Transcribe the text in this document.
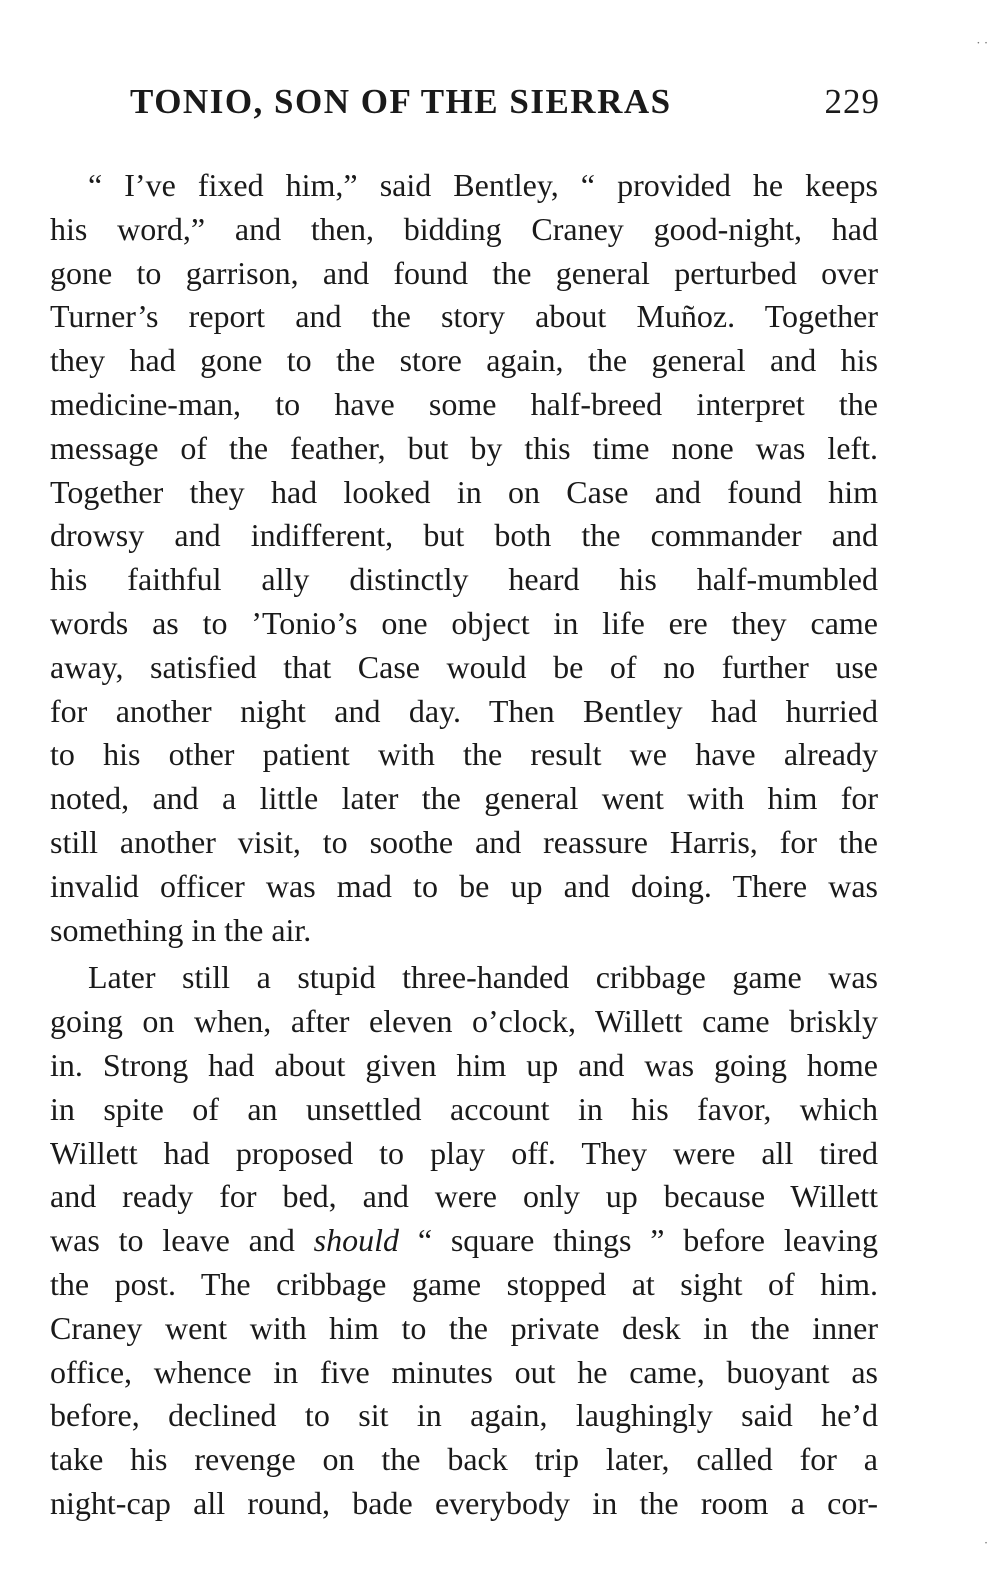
TONIO, SON OF THE SIERRAS	229
“ I’ve fixed him,” said Bentley, “ provided he keeps
his word,” and then, bidding Craney good-night, had
gone to garrison, and found the general perturbed over
Turner’s report and the story about Muñoz. Together
they had gone to the store again, the general and his
medicine-man, to have some half-breed interpret the
message of the feather, but by this time none was left.
Together they had looked in on Case and found him
drowsy and indifferent, but both the commander and
his faithful ally distinctly heard his half-mumbled
words as to ’Tonio’s one object in life ere they came
away, satisfied that Case would be of no further use
for another night and day. Then Bentley had hurried
to his other patient with the result we have already
noted, and a little later the general went with him for
still another visit, to soothe and reassure Harris, for the
invalid officer was mad to be up and doing. There was
something in the air.
Later still a stupid three-handed cribbage game was
going on when, after eleven o’clock, Willett came briskly
in. Strong had about given him up and was going home
in spite of an unsettled account in his favor, which
Willett had proposed to play off. They were all tired
and ready for bed, and were only up because Willett
was to leave and should “ square things ” before leaving
the post. The cribbage game stopped at sight of him.
Craney went with him to the private desk in the inner
office, whence in five minutes out he came, buoyant as
before, declined to sit in again, laughingly said he’d
take his revenge on the back trip later, called for a
night-cap all round, bade everybody in the room a cor-
· ·
·
